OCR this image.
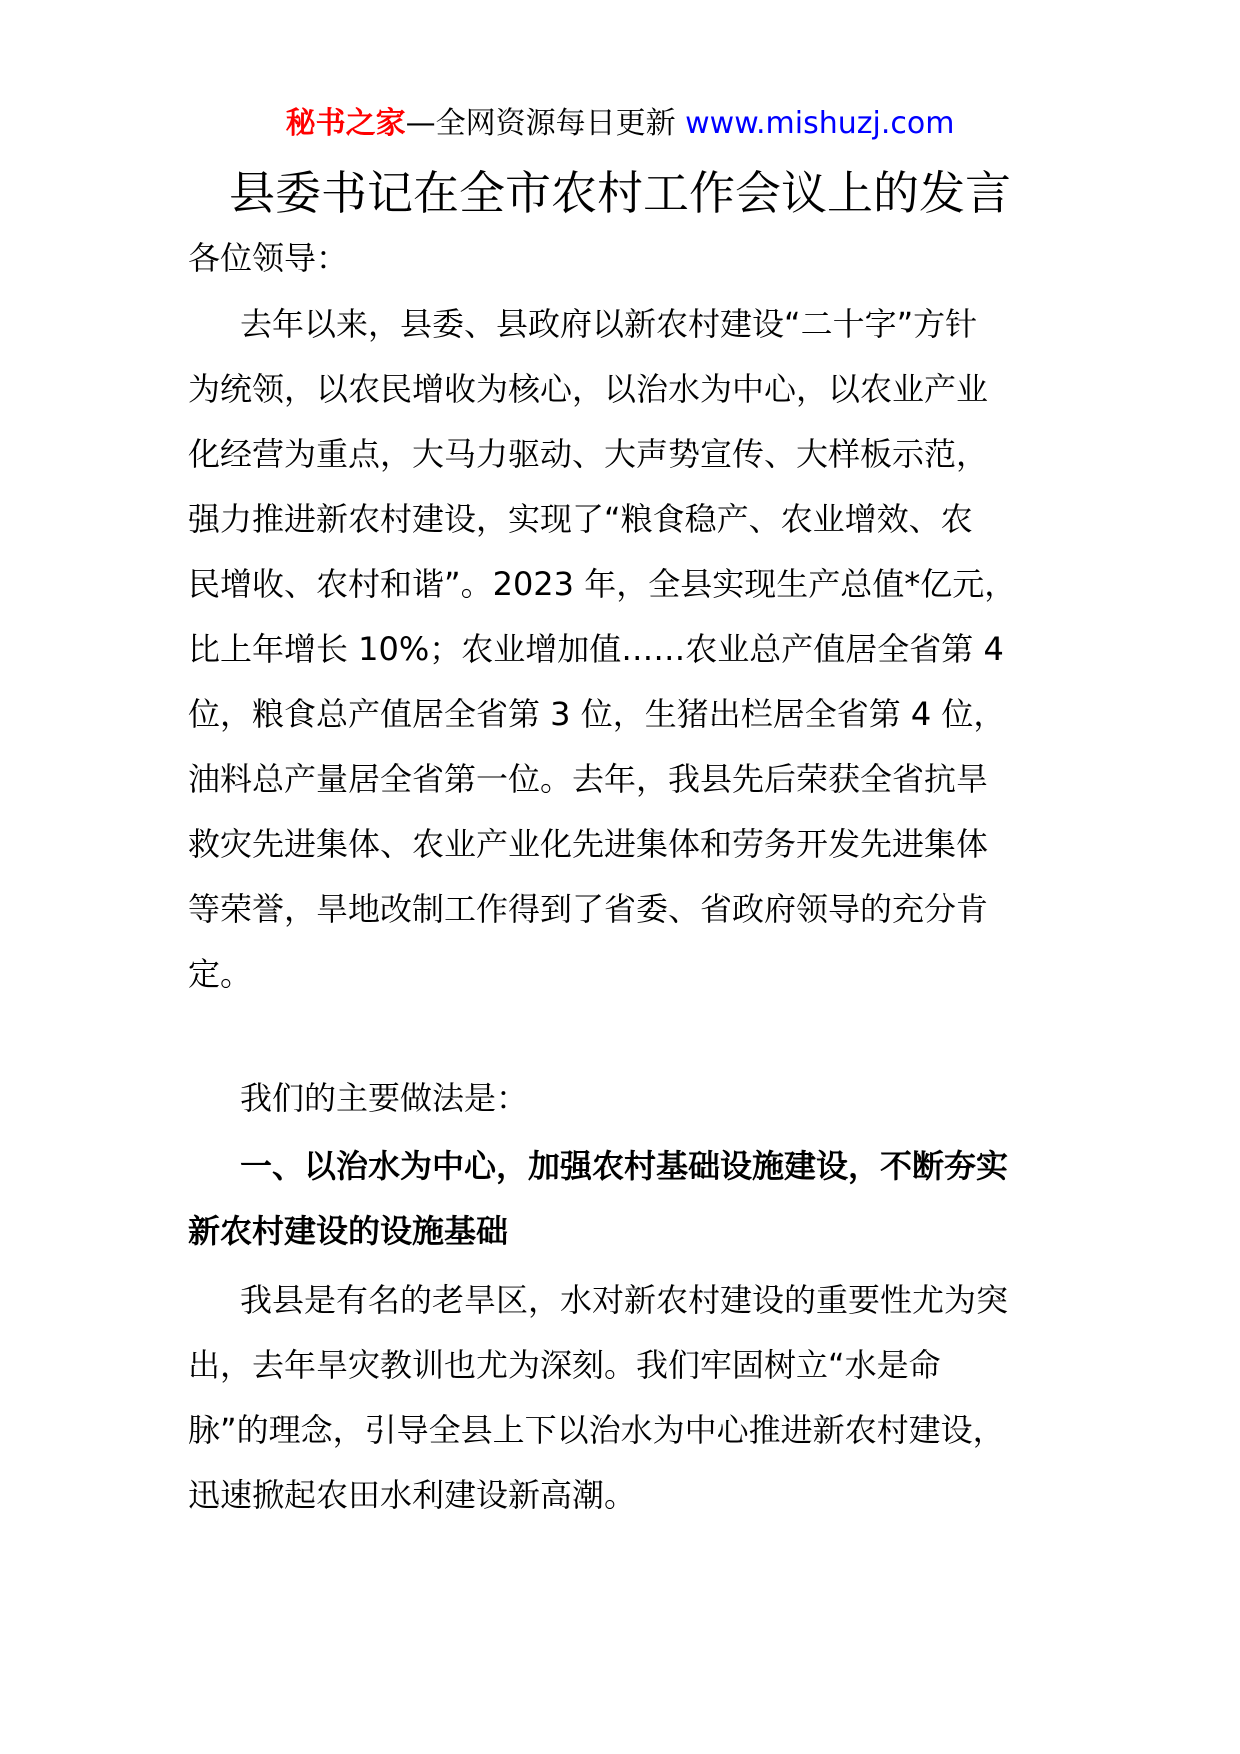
秘书之家—全网资源每日更新 www.mishuzj.com
县委书记在全市农村工作会议上的发言

各位领导：

去年以来，县委、县政府以新农村建设“二十字”方针
为统领，以农民增收为核心，以治水为中心，以农业产业
化经营为重点，大马力驱动、大声势宣传、大样板示范，
强力推进新农村建设，实现了“粮食稳产、农业增效、农
民增收、农村和谐”。2023 年，全县实现生产总值*亿元，
比上年增长 10%；农业增加值……农业总产值居全省第 4
位，粮食总产值居全省第 3 位，生猪出栏居全省第 4 位，
油料总产量居全省第一位。去年，我县先后荣获全省抗旱
救灾先进集体、农业产业化先进集体和劳务开发先进集体
等荣誉，旱地改制工作得到了省委、省政府领导的充分肯
定。

我们的主要做法是：

一、以治水为中心，加强农村基础设施建设，不断夯实
新农村建设的设施基础

我县是有名的老旱区，水对新农村建设的重要性尤为突
出，去年旱灾教训也尤为深刻。我们牢固树立“水是命
脉”的理念，引导全县上下以治水为中心推进新农村建设，
迅速掀起农田水利建设新高潮。
